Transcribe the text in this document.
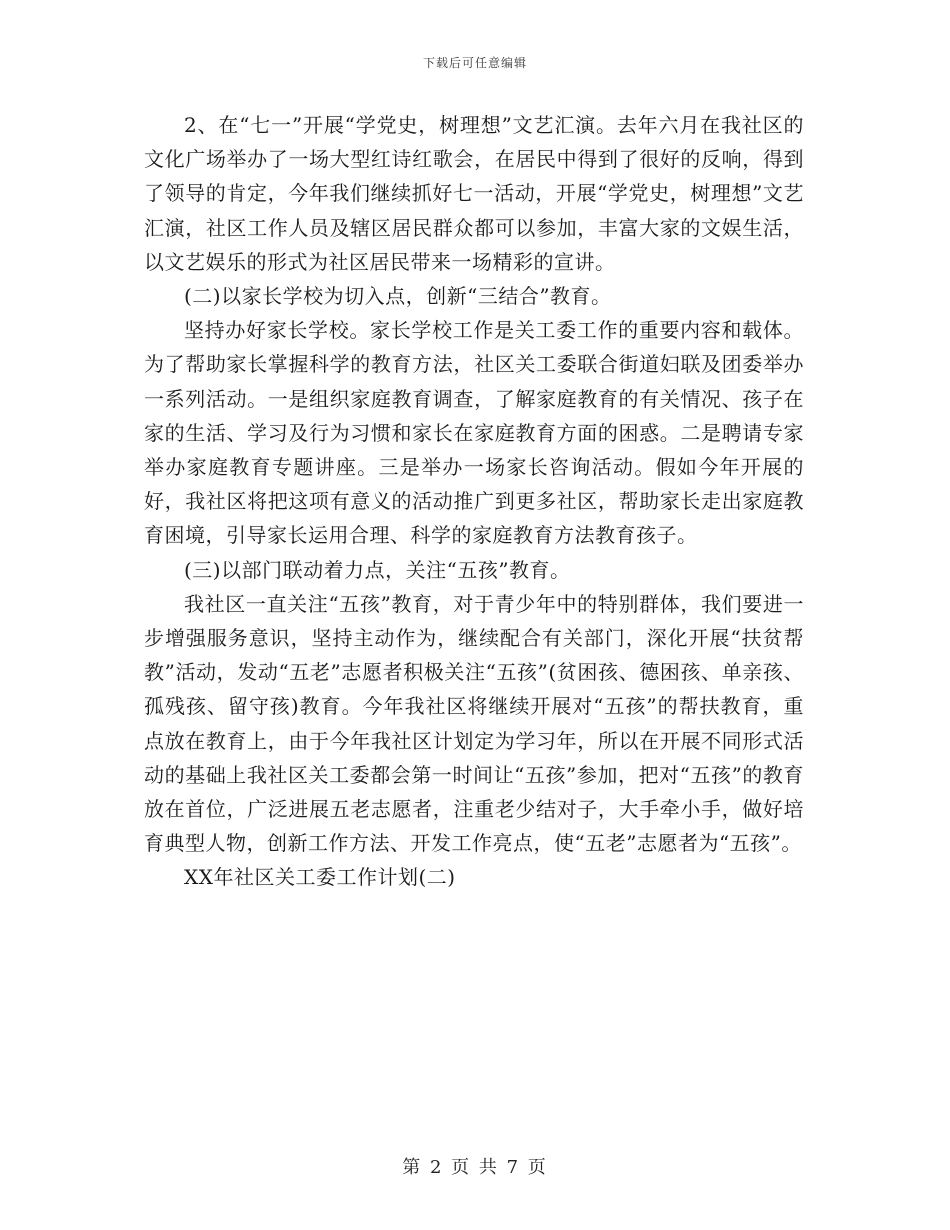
下载后可任意编辑

2、在“七一”开展“学党史，树理想”文艺汇演。去年六月在我社区的文化广场举办了一场大型红诗红歌会，在居民中得到了很好的反响，得到了领导的肯定，今年我们继续抓好七一活动，开展“学党史，树理想”文艺汇演，社区工作人员及辖区居民群众都可以参加，丰富大家的文娱生活，以文艺娱乐的形式为社区居民带来一场精彩的宣讲。

(二)以家长学校为切入点，创新“三结合”教育。

坚持办好家长学校。家长学校工作是关工委工作的重要内容和载体。为了帮助家长掌握科学的教育方法，社区关工委联合街道妇联及团委举办一系列活动。一是组织家庭教育调查，了解家庭教育的有关情况、孩子在家的生活、学习及行为习惯和家长在家庭教育方面的困惑。二是聘请专家举办家庭教育专题讲座。三是举办一场家长咨询活动。假如今年开展的好，我社区将把这项有意义的活动推广到更多社区，帮助家长走出家庭教育困境，引导家长运用合理、科学的家庭教育方法教育孩子。

(三)以部门联动着力点，关注“五孩”教育。

我社区一直关注“五孩”教育，对于青少年中的特别群体，我们要进一步增强服务意识，坚持主动作为，继续配合有关部门，深化开展“扶贫帮教”活动，发动“五老”志愿者积极关注“五孩”(贫困孩、德困孩、单亲孩、孤残孩、留守孩)教育。今年我社区将继续开展对“五孩”的帮扶教育，重点放在教育上，由于今年我社区计划定为学习年，所以在开展不同形式活动的基础上我社区关工委都会第一时间让“五孩”参加，把对“五孩”的教育放在首位，广泛进展五老志愿者，注重老少结对子，大手牵小手，做好培育典型人物，创新工作方法、开发工作亮点，使“五老”志愿者为“五孩”。

XX年社区关工委工作计划(二)

第 2 页 共 7 页
